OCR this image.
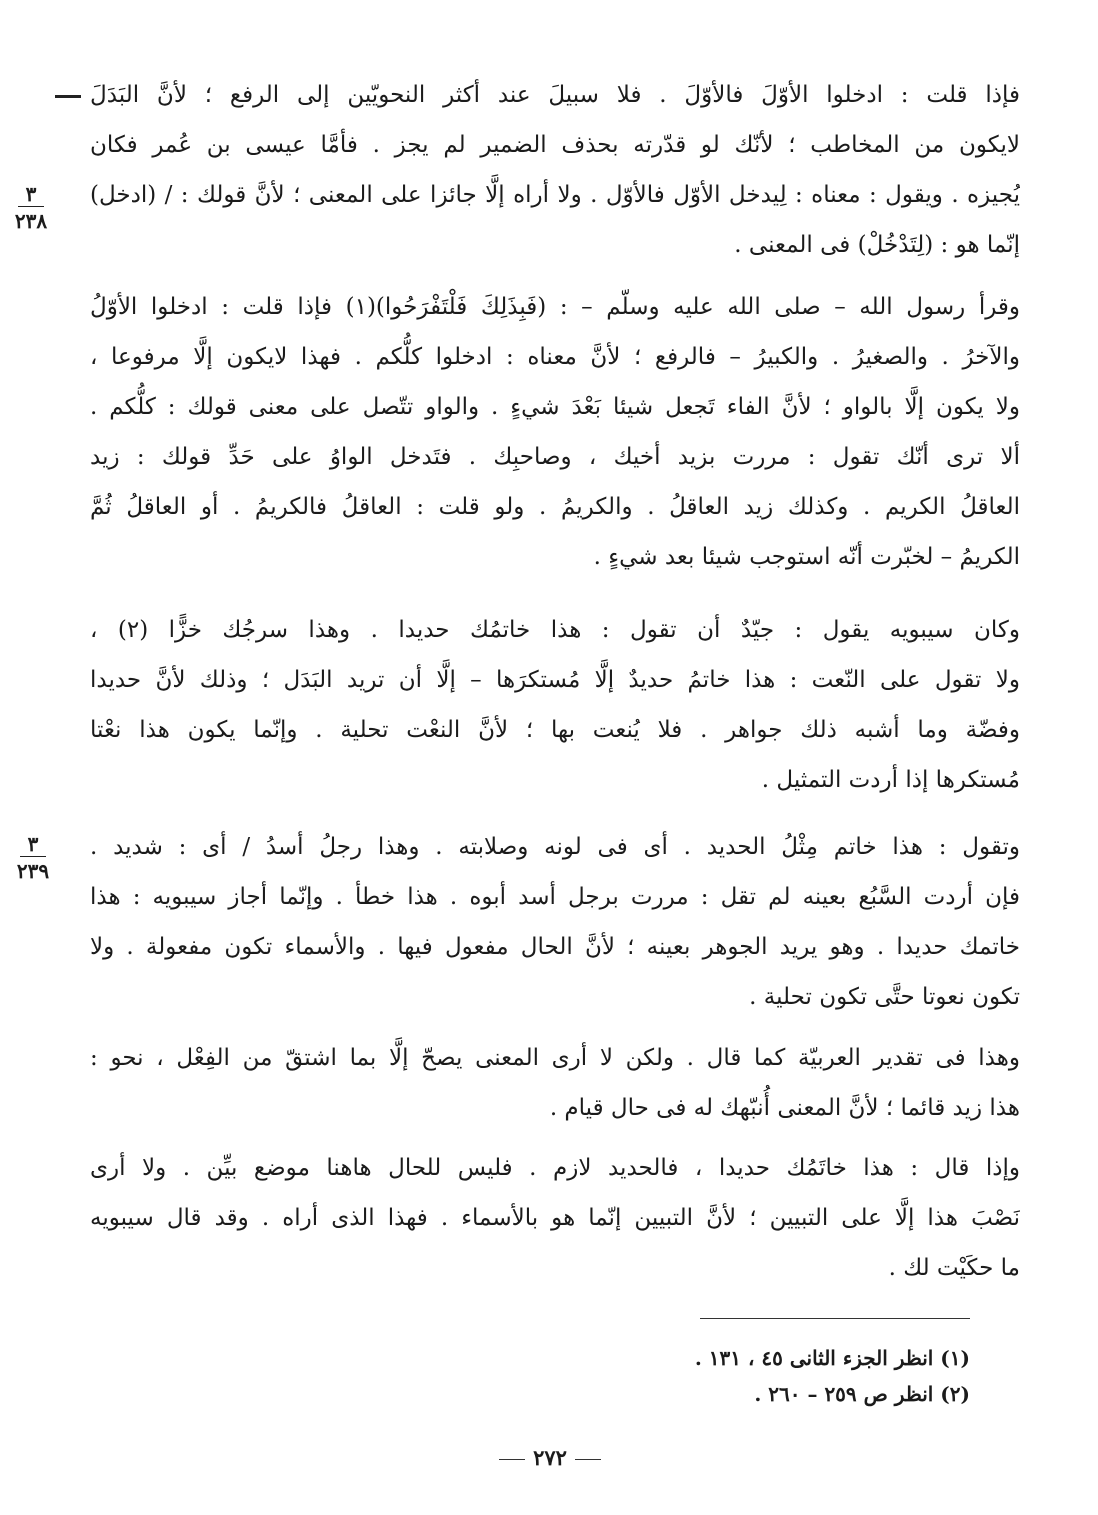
٣
٢٣٨
٣
٢٣٩
فإذا قلت : ادخلوا الأوّلَ فالأوّلَ . فلا سبيلَ عند أكثر النحويّين إلى الرفع ؛ لأنَّ البَدَلَ
لايكون من المخاطب ؛ لأنّك لو قدّرته بحذف الضمير لم يجز . فأمَّا عيسى بن عُمر فكان
يُجيزه . ويقول : معناه : لِيدخل الأوّل فالأوّل . ولا أراه إلَّا جائزا على المعنى ؛ لأنَّ قولك : / (ادخل)
إنّما هو : (لِتَدْخُلْ) فى المعنى .
وقرأ رسول الله – صلى الله عليه وسلّم – : (فَبِذَلِكَ فَلْتَفْرَحُوا)(١) فإذا قلت : ادخلوا الأوّلُ
والآخرُ . والصغيرُ . والكبيرُ – فالرفع ؛ لأنَّ معناه : ادخلوا كلُّكم . فهذا لايكون إلَّا مرفوعا ،
ولا يكون إلَّا بالواو ؛ لأنَّ الفاء تَجعل شيئا بَعْدَ شيءٍ . والواو تتّصل على معنى قولك : كلُّكم .
ألا ترى أنّك تقول : مررت بزيد أخيك ، وصاحبِك . فتَدخل الواوُ على حَدِّ قولك : زيد
العاقلُ الكريم . وكذلك زيد العاقلُ . والكريمُ . ولو قلت : العاقلُ فالكريمُ . أو العاقلُ ثُمَّ
الكريمُ – لخبّرت أنّه استوجب شيئا بعد شيءٍ .
وكان سيبويه يقول : جيّدٌ أن تقول : هذا خاتمُك حديدا . وهذا سرجُك خزًّا (٢) ،
ولا تقول على النّعت : هذا خاتمُ حديدٌ إلَّا مُستكرَها – إلَّا أن تريد البَدَل ؛ وذلك لأنَّ حديدا
وفضّة وما أشبه ذلك جواهر . فلا يُنعت بها ؛ لأنَّ النعْت تحلية . وإنّما يكون هذا نعْتا
مُستكرها إذا أردت التمثيل .
وتقول : هذا خاتم مِثْلُ الحديد . أى فى لونه وصلابته . وهذا رجلُ أسدُ / أى : شديد .
فإن أردت السَّبُع بعينه لم تقل : مررت برجل أسد أبوه . هذا خطأ . وإنّما أجاز سيبويه : هذا
خاتمك حديدا . وهو يريد الجوهر بعينه ؛ لأنَّ الحال مفعول فيها . والأسماء تكون مفعولة . ولا
تكون نعوتا حتَّى تكون تحلية .
وهذا فى تقدير العربيّة كما قال . ولكن لا أرى المعنى يصحّ إلَّا بما اشتقّ من الفِعْل ، نحو :
هذا زيد قائما ؛ لأنَّ المعنى أُنبّهك له فى حال قيام .
وإذا قال : هذا خاتَمُك حديدا ، فالحديد لازم . فليس للحال هاهنا موضع بيِّن . ولا أرى
نَصْبَ هذا إلَّا على التبيين ؛ لأنَّ التبيين إنّما هو بالأسماء . فهذا الذى أراه . وقد قال سيبويه
ما حكَيْت لك .
(١) انظر الجزء الثانى ٤٥ ، ١٣١ .
(٢) انظر ص ٢٥٩ – ٢٦٠ .
٢٧٢
